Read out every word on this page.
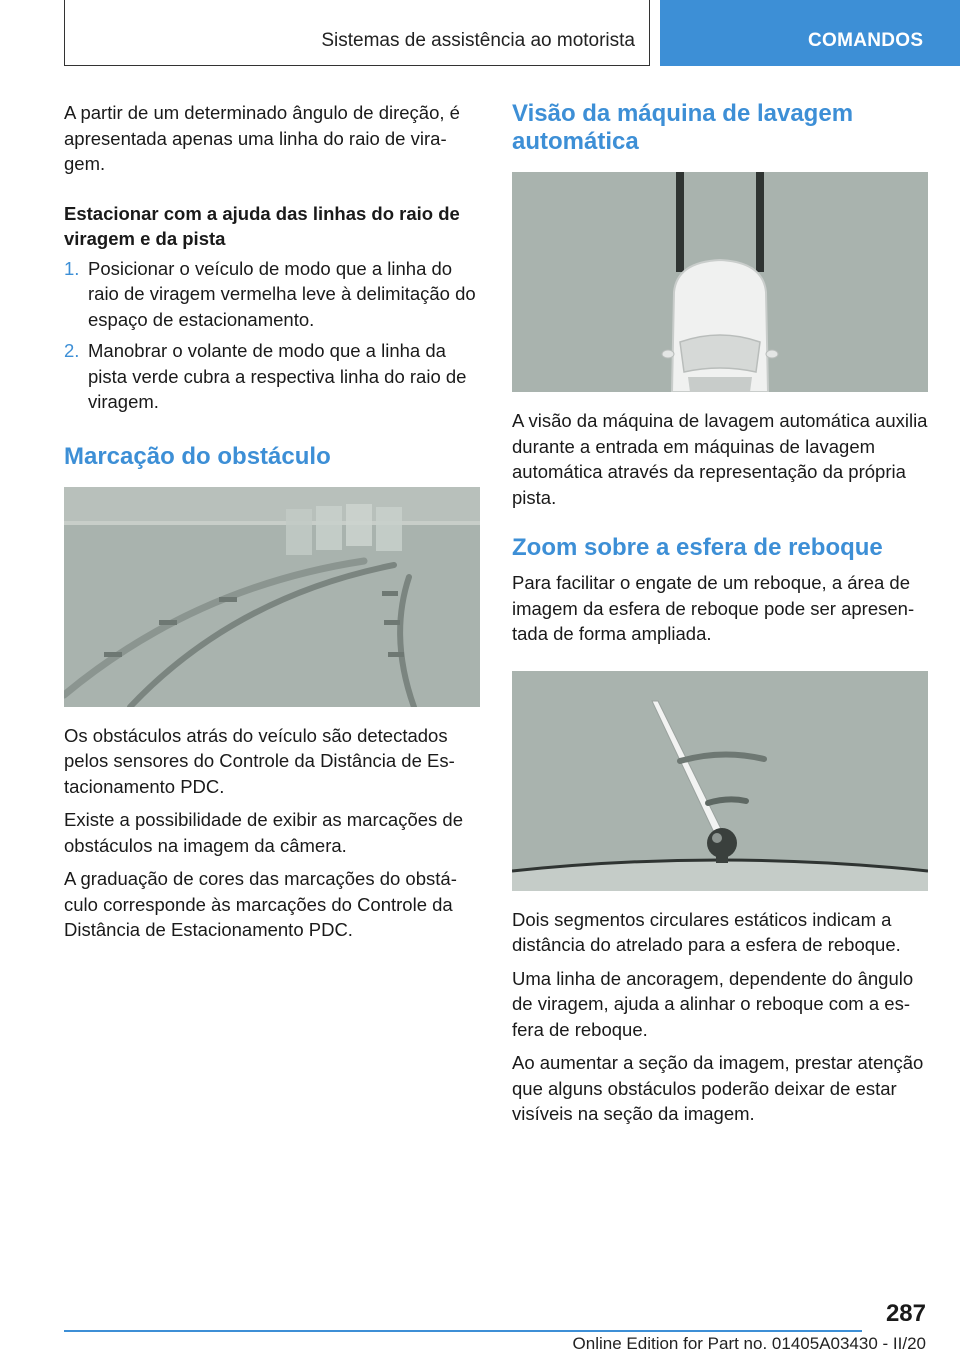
Sistemas de assistência ao motorista	COMANDOS

A partir de um determinado ângulo de direção, é apresentada apenas uma linha do raio de viragem.

Estacionar com a ajuda das linhas do raio de viragem e da pista
1. Posicionar o veículo de modo que a linha do raio de viragem vermelha leve à delimitação do espaço de estacionamento.
2. Manobrar o volante de modo que a linha da pista verde cubra a respectiva linha do raio de viragem.
Marcação do obstáculo

Os obstáculos atrás do veículo são detectados pelos sensores do Controle da Distância de Estacionamento PDC.

Existe a possibilidade de exibir as marcações de obstáculos na imagem da câmera.

A graduação de cores das marcações do obstáculo corresponde às marcações do Controle da Distância de Estacionamento PDC.

Visão da máquina de lavagem automática

A visão da máquina de lavagem automática auxilia durante a entrada em máquinas de lavagem automática através da representação da própria pista.

Zoom sobre a esfera de reboque

Para facilitar o engate de um reboque, a área de imagem da esfera de reboque pode ser apresentada de forma ampliada.

Dois segmentos circulares estáticos indicam a distância do atrelado para a esfera de reboque.

Uma linha de ancoragem, dependente do ângulo de viragem, ajuda a alinhar o reboque com a esfera de reboque.

Ao aumentar a seção da imagem, prestar atenção que alguns obstáculos poderão deixar de estar visíveis na seção da imagem.

287
Online Edition for Part no. 01405A03430 - II/20
